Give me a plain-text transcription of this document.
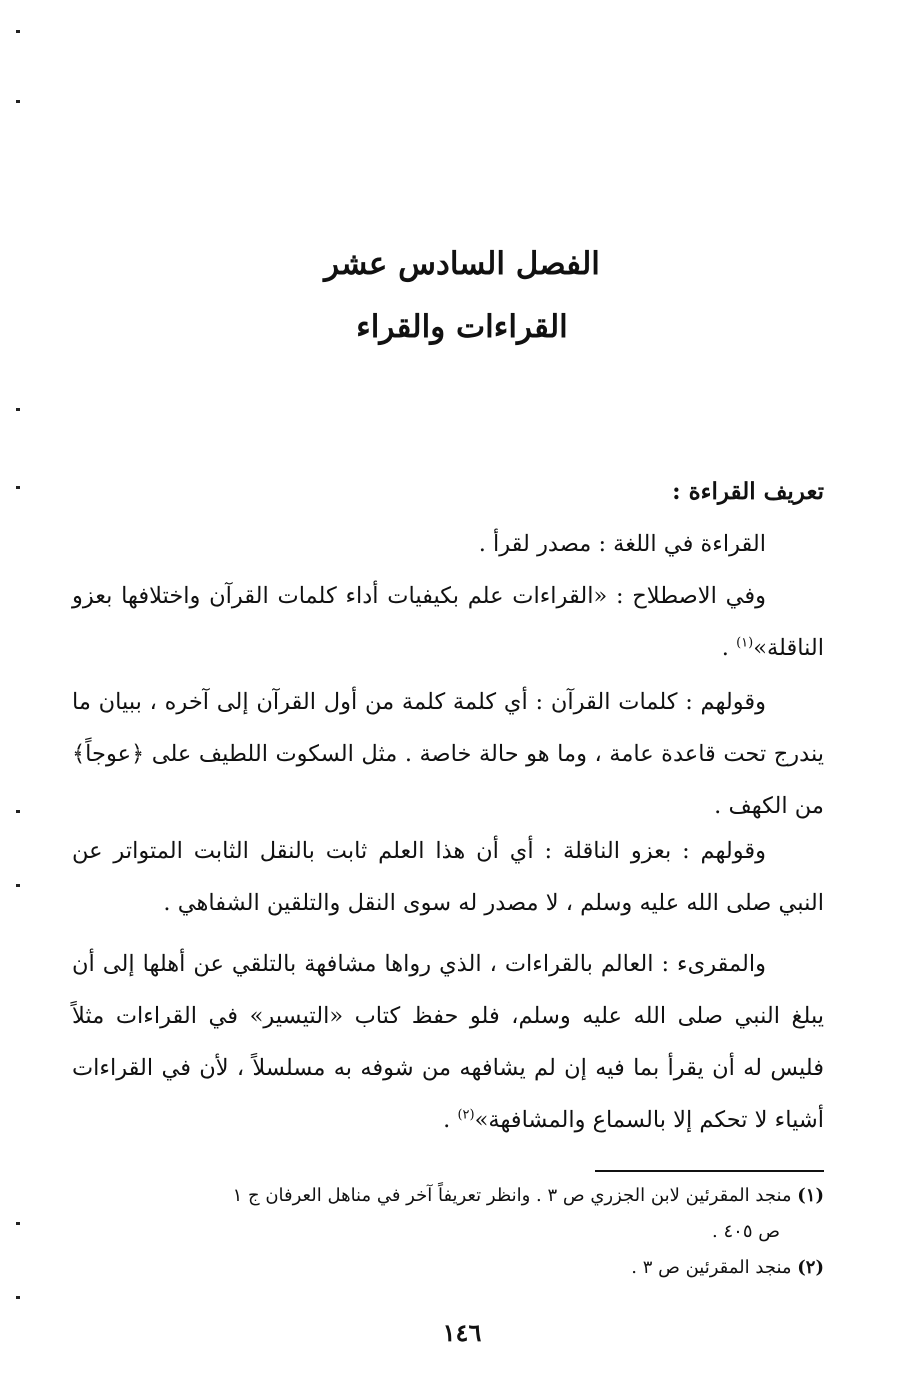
الفصل السادس عشر
القراءات والقراء

تعريف القراءة :

القراءة في اللغة : مصدر لقرأ .

وفي الاصطلاح : «القراءات علم بكيفيات أداء كلمات القرآن واختلافها بعزو الناقلة»$^{(١)}$ .

وقولهم : كلمات القرآن : أي كلمة كلمة من أول القرآن إلى آخره ، ببيان ما يندرج تحت قاعدة عامة ، وما هو حالة خاصة . مثل السكوت اللطيف على ﴿عوجاً﴾ من الكهف .

وقولهم : بعزو الناقلة : أي أن هذا العلم ثابت بالنقل الثابت المتواتر عن النبي صلى الله عليه وسلم ، لا مصدر له سوى النقل والتلقين الشفاهي .

والمقرىء : العالم بالقراءات ، الذي رواها مشافهة بالتلقي عن أهلها إلى أن يبلغ النبي صلى الله عليه وسلم، فلو حفظ كتاب «التيسير» في القراءات مثلاً فليس له أن يقرأ بما فيه إن لم يشافهه من شوفه به مسلسلاً ، لأن في القراءات أشياء لا تحكم إلا بالسماع والمشافهة»$^{(٢)}$ .

(١) منجد المقرئين لابن الجزري ص ٣ . وانظر تعريفاً آخر في مناهل العرفان ج ١

ص ٤٠٥ .

(٢) منجد المقرئين ص ٣ .

١٤٦
